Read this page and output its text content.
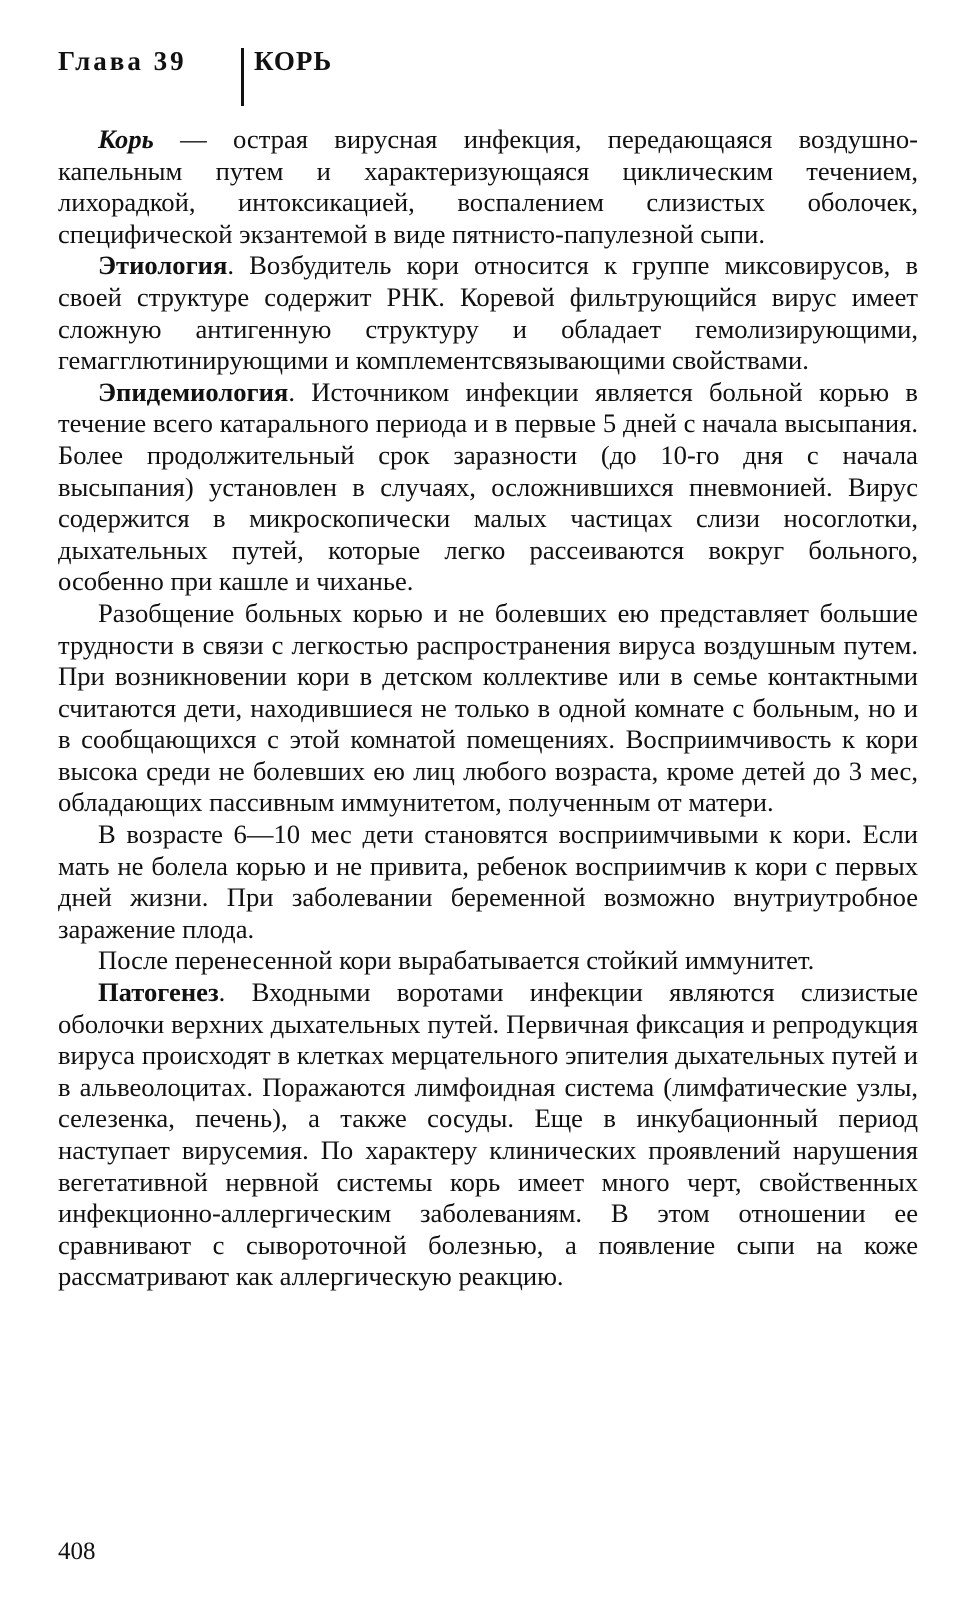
Глава 39	КОРЬ

Корь — острая вирусная инфекция, передающаяся воздушно-капельным путем и характеризующаяся циклическим течением, лихорадкой, интоксикацией, воспалением слизистых оболочек, специфической экзантемой в виде пятнисто-папулезной сыпи.

Этиология. Возбудитель кори относится к группе миксовирусов, в своей структуре содержит РНК. Коревой фильтрующийся вирус имеет сложную антигенную структуру и обладает гемолизирующими, гемагглютинирующими и комплементсвязывающими свойствами.

Эпидемиология. Источником инфекции является больной корью в течение всего катарального периода и в первые 5 дней с начала высыпания. Более продолжительный срок заразности (до 10-го дня с начала высыпания) установлен в случаях, осложнившихся пневмонией. Вирус содержится в микроскопически малых частицах слизи носоглотки, дыхательных путей, которые легко рассеиваются вокруг больного, особенно при кашле и чиханье.

Разобщение больных корью и не болевших ею представляет большие трудности в связи с легкостью распространения вируса воздушным путем. При возникновении кори в детском коллективе или в семье контактными считаются дети, находившиеся не только в одной комнате с больным, но и в сообщающихся с этой комнатой помещениях. Восприимчивость к кори высока среди не болевших ею лиц любого возраста, кроме детей до 3 мес, обладающих пассивным иммунитетом, полученным от матери.

В возрасте 6—10 мес дети становятся восприимчивыми к кори. Если мать не болела корью и не привита, ребенок восприимчив к кори с первых дней жизни. При заболевании беременной возможно внутриутробное заражение плода.

После перенесенной кори вырабатывается стойкий иммунитет.

Патогенез. Входными воротами инфекции являются слизистые оболочки верхних дыхательных путей. Первичная фиксация и репродукция вируса происходят в клетках мерцательного эпителия дыхательных путей и в альвеолоцитах. Поражаются лимфоидная система (лимфатические узлы, селезенка, печень), а также сосуды. Еще в инкубационный период наступает вирусемия. По характеру клинических проявлений нарушения вегетативной нервной системы корь имеет много черт, свойственных инфекционно-аллергическим заболеваниям. В этом отношении ее сравнивают с сывороточной болезнью, а появление сыпи на коже рассматривают как аллергическую реакцию.

408
